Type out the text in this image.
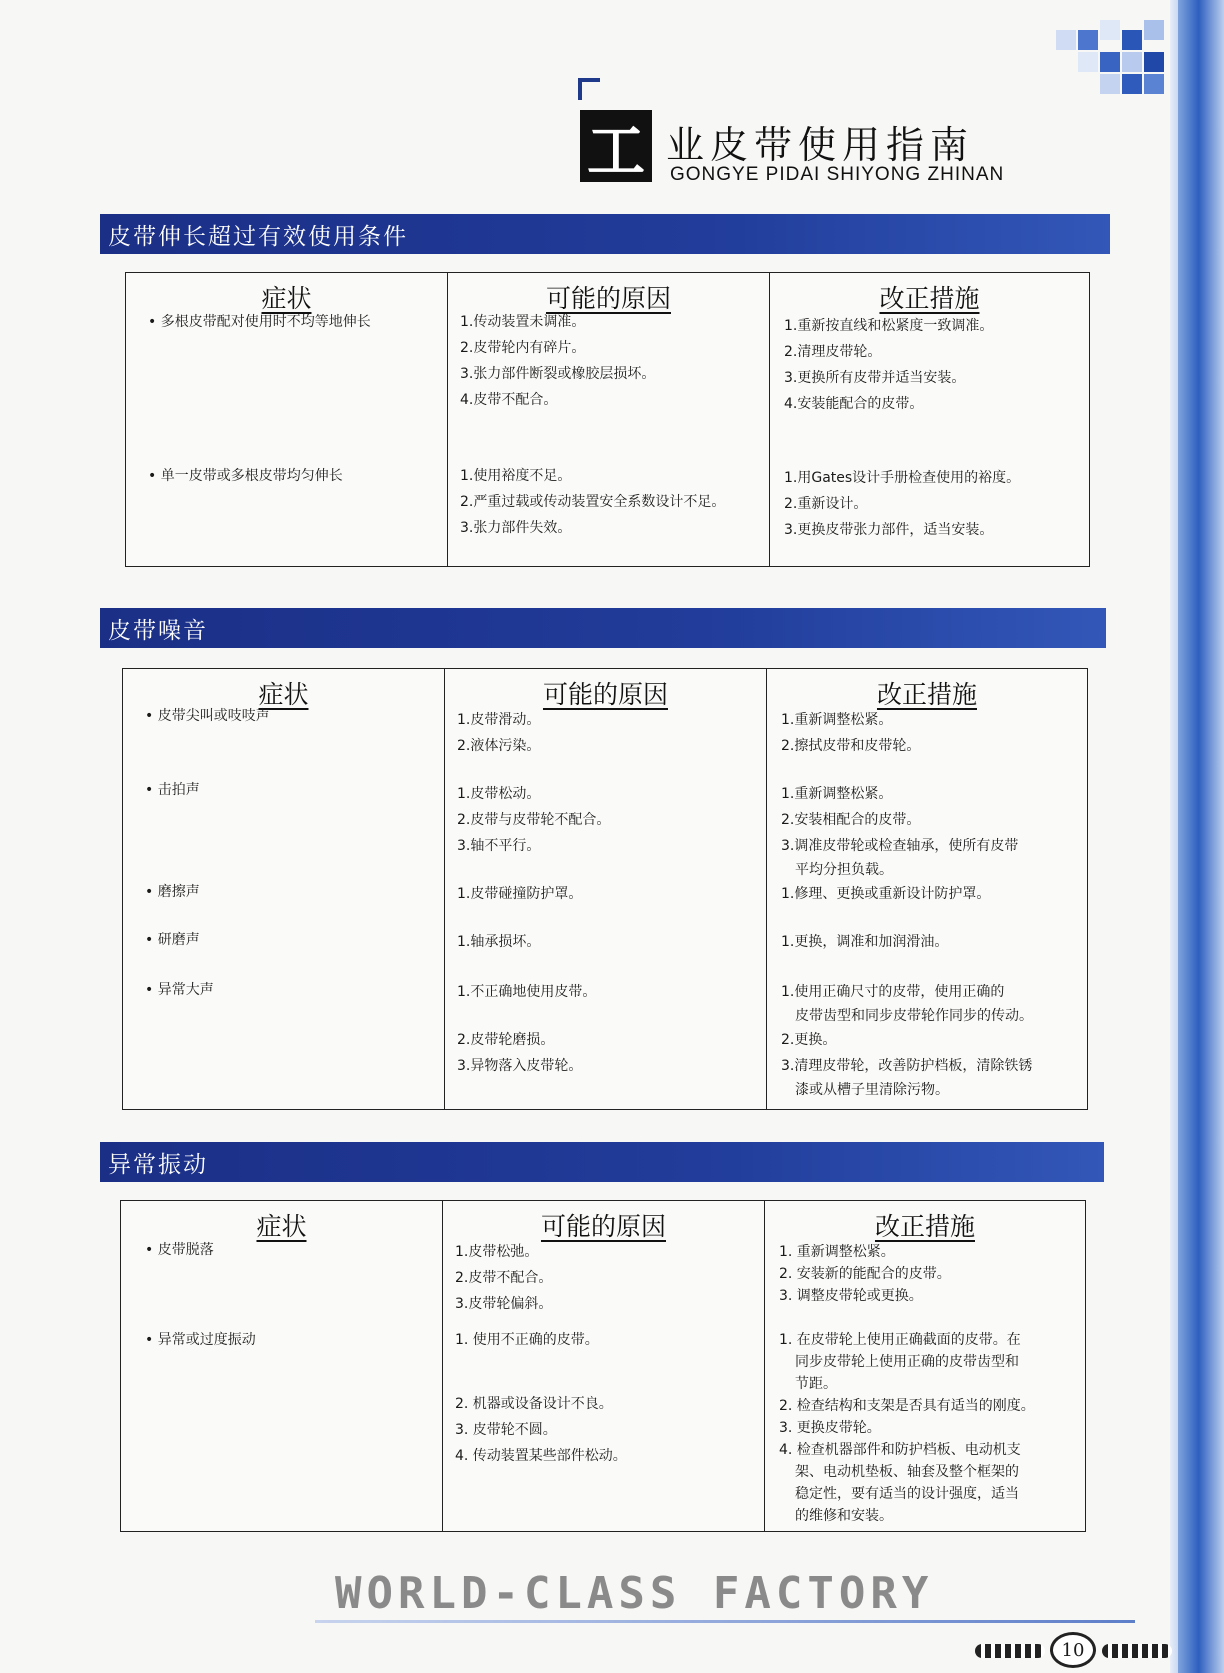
工 业皮带使用指南
GONGYE PIDAI SHIYONG ZHINAN
皮带伸长超过有效使用条件
症状
• 多根皮带配对使用时不均等地伸长
• 单一皮带或多根皮带均匀伸长
可能的原因
1.传动装置未调准。
2.皮带轮内有碎片。
3.张力部件断裂或橡胶层损坏。
4.皮带不配合。
1.使用裕度不足。
2.严重过载或传动装置安全系数设计不足。
3.张力部件失效。
改正措施
1.重新按直线和松紧度一致调准。
2.清理皮带轮。
3.更换所有皮带并适当安装。
4.安装能配合的皮带。
1.用Gates设计手册检查使用的裕度。
2.重新设计。
3.更换皮带张力部件，适当安装。
皮带噪音
症状
• 皮带尖叫或吱吱声
• 击拍声
• 磨擦声
• 研磨声
• 异常大声
可能的原因
1.皮带滑动。
2.液体污染。
1.皮带松动。
2.皮带与皮带轮不配合。
3.轴不平行。
1.皮带碰撞防护罩。
1.轴承损坏。
1.不正确地使用皮带。
2.皮带轮磨损。
3.异物落入皮带轮。
改正措施
1.重新调整松紧。
2.擦拭皮带和皮带轮。
1.重新调整松紧。
2.安装相配合的皮带。
3.调准皮带轮或检查轴承，使所有皮带
平均分担负载。
1.修理、更换或重新设计防护罩。
1.更换，调准和加润滑油。
1.使用正确尺寸的皮带，使用正确的
皮带齿型和同步皮带轮作同步的传动。
2.更换。
3.清理皮带轮，改善防护档板，清除铁锈
漆或从槽子里清除污物。
异常振动
症状
• 皮带脱落
• 异常或过度振动
可能的原因
1.皮带松弛。
2.皮带不配合。
3.皮带轮偏斜。
1. 使用不正确的皮带。
2. 机器或设备设计不良。
3. 皮带轮不圆。
4. 传动装置某些部件松动。
改正措施
1. 重新调整松紧。
2. 安装新的能配合的皮带。
3. 调整皮带轮或更换。
1. 在皮带轮上使用正确截面的皮带。在
同步皮带轮上使用正确的皮带齿型和
节距。
2. 检查结构和支架是否具有适当的刚度。
3. 更换皮带轮。
4. 检查机器部件和防护档板、电动机支
架、电动机垫板、轴套及整个框架的
稳定性，要有适当的设计强度，适当
的维修和安装。
WORLD-CLASS FACTORY
10
